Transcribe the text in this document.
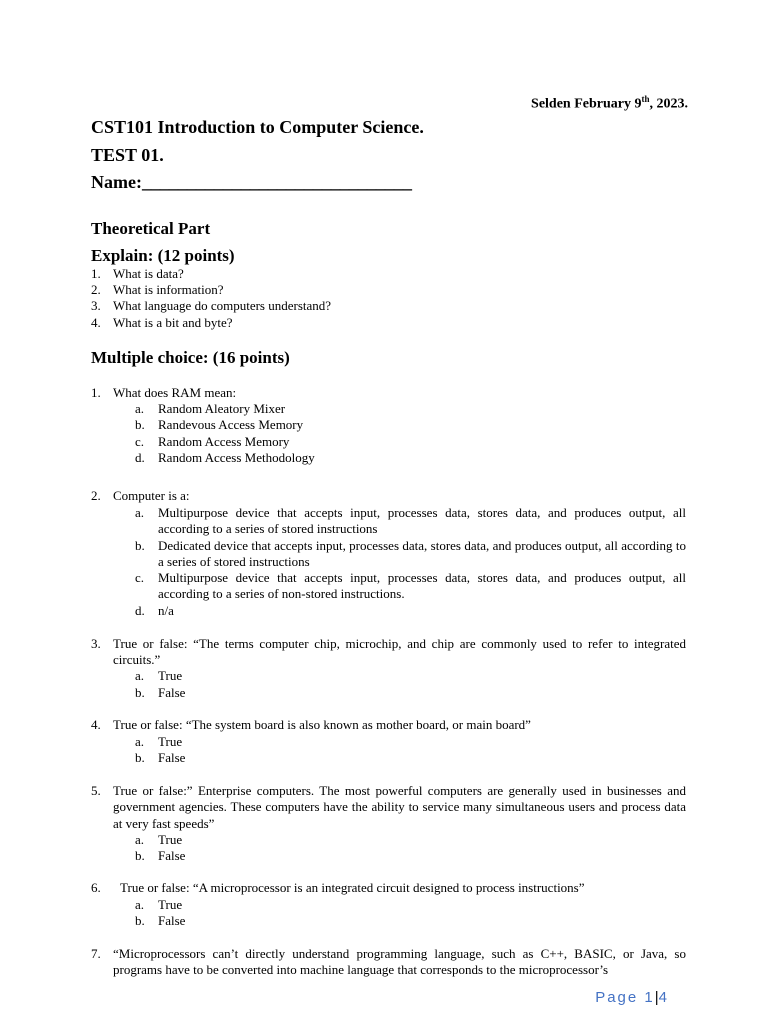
Selden February 9th, 2023.
CST101 Introduction to Computer Science.
TEST 01.
Name:______________________________
Theoretical Part
Explain: (12 points)
1. What is data?
2. What is information?
3. What language do computers understand?
4. What is a bit and byte?
Multiple choice: (16 points)
1. What does RAM mean:
a. Random Aleatory Mixer
b. Randevous Access Memory
c. Random Access Memory
d. Random Access Methodology
2. Computer is a:
a. Multipurpose device that accepts input, processes data, stores data, and produces output, all according to a series of stored instructions
b. Dedicated device that accepts input, processes data, stores data, and produces output, all according to a series of stored instructions
c. Multipurpose device that accepts input, processes data, stores data, and produces output, all according to a series of non-stored instructions.
d. n/a
3. True or false: “The terms computer chip, microchip, and chip are commonly used to refer to integrated circuits.”
a. True
b. False
4. True or false: “The system board is also known as mother board, or main board”
a. True
b. False
5. True or false:” Enterprise computers. The most powerful computers are generally used in businesses and government agencies. These computers have the ability to service many simultaneous users and process data at very fast speeds”
a. True
b. False
6. True or false: “A microprocessor is an integrated circuit designed to process instructions”
a. True
b. False
7. “Microprocessors can’t directly understand programming language, such as C++, BASIC, or Java, so programs have to be converted into machine language that corresponds to the microprocessor’s
Page 1|4
